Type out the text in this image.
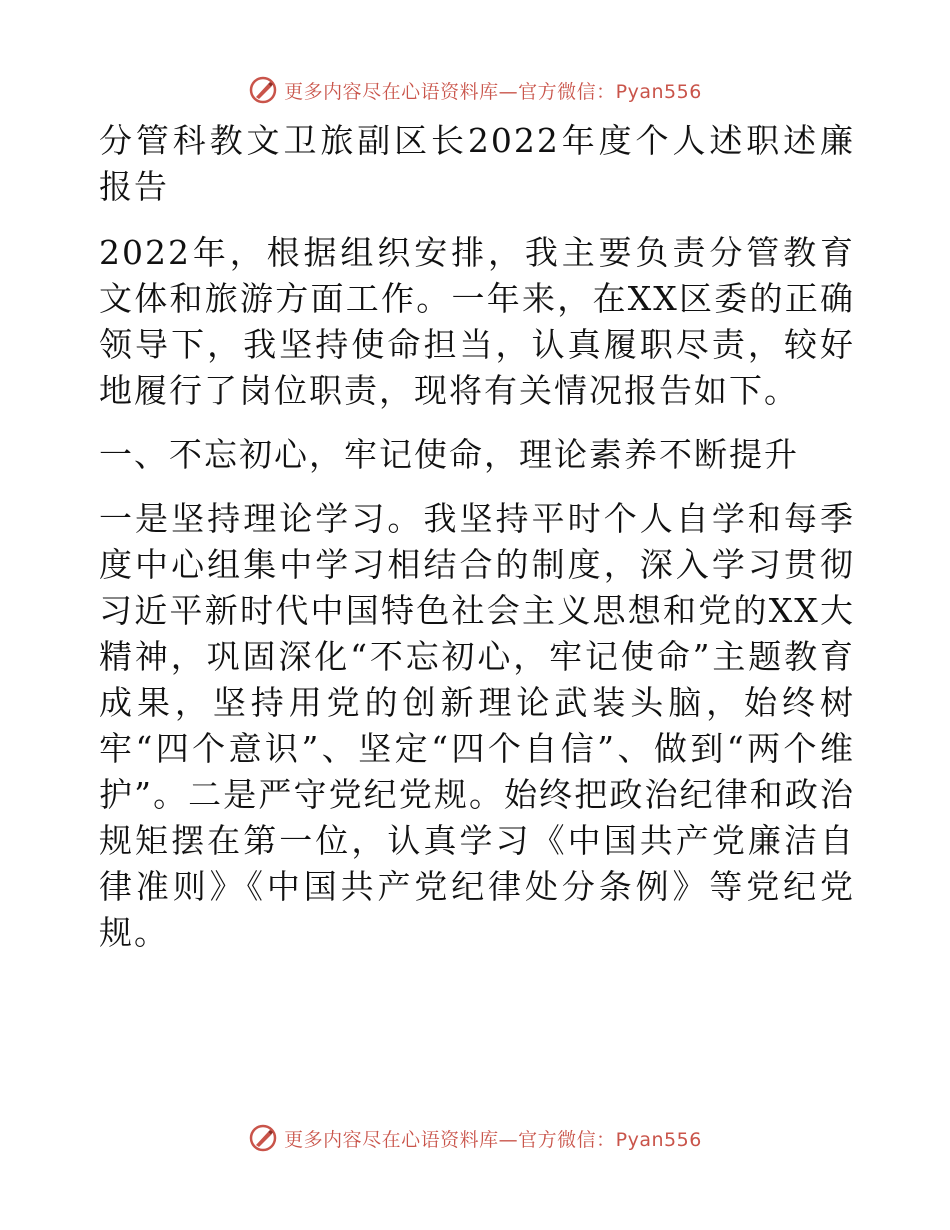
更多内容尽在心语资料库—官方微信：Pyan556

分管科教文卫旅副区长2022年度个人述职述廉报告

2022年，根据组织安排，我主要负责分管教育文体和旅游方面工作。一年来，在XX区委的正确领导下，我坚持使命担当，认真履职尽责，较好地履行了岗位职责，现将有关情况报告如下。

一、不忘初心，牢记使命，理论素养不断提升

一是坚持理论学习。我坚持平时个人自学和每季度中心组集中学习相结合的制度，深入学习贯彻习近平新时代中国特色社会主义思想和党的XX大精神，巩固深化“不忘初心，牢记使命”主题教育成果，坚持用党的创新理论武装头脑，始终树牢“四个意识”、坚定“四个自信”、做到“两个维护”。二是严守党纪党规。始终把政治纪律和政治规矩摆在第一位，认真学习《中国共产党廉洁自律准则》《中国共产党纪律处分条例》等党纪党规。

更多内容尽在心语资料库—官方微信：Pyan556
